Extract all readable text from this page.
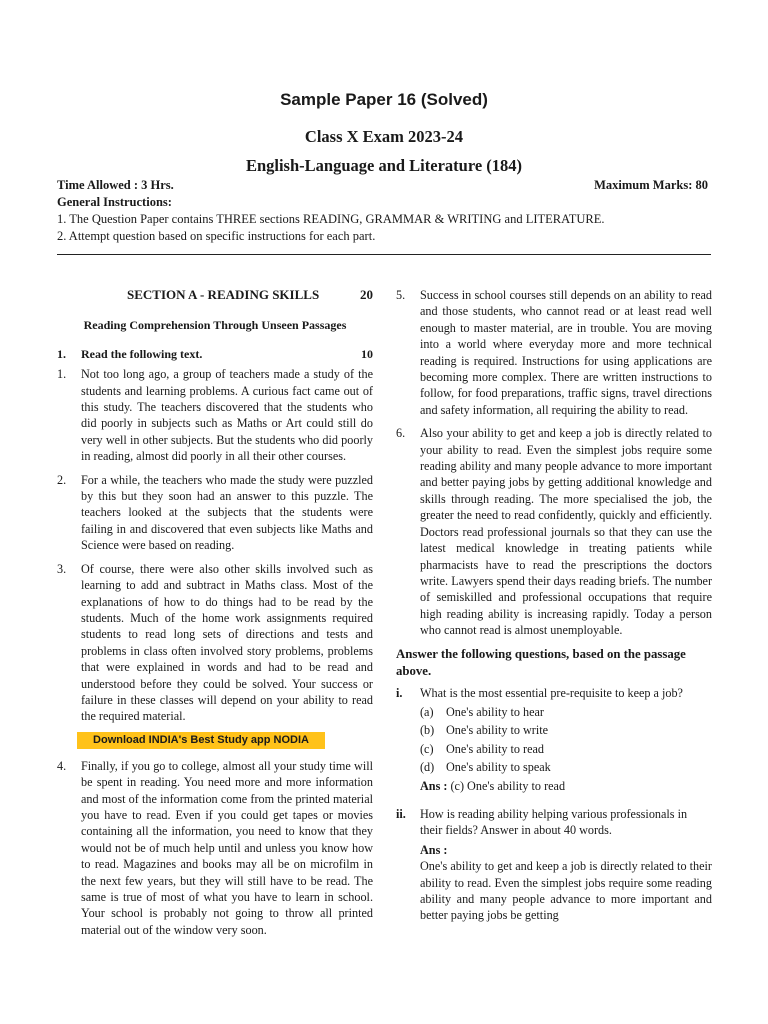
Sample Paper 16 (Solved)
Class X Exam 2023-24
English-Language and Literature (184)
Time Allowed : 3 Hrs.	Maximum Marks: 80
General Instructions:
1. The Question Paper contains THREE sections READING, GRAMMAR & WRITING and LITERATURE.
2. Attempt question based on specific instructions for each part.
SECTION A - READING SKILLS	20
Reading Comprehension Through Unseen Passages
1.	Read the following text.	10
1.	Not too long ago, a group of teachers made a study of the students and learning problems. A curious fact came out of this study. The teachers discovered that the students who did poorly in subjects such as Maths or Art could still do very well in other subjects. But the students who did poorly in reading, almost did poorly in all their other courses.
2.	For a while, the teachers who made the study were puzzled by this but they soon had an answer to this puzzle. The teachers looked at the subjects that the students were failing in and discovered that even subjects like Maths and Science were based on reading.
3.	Of course, there were also other skills involved such as learning to add and subtract in Maths class. Most of the explanations of how to do things had to be read by the students. Much of the home work assignments required students to read long sets of directions and tests and problems in class often involved story problems, problems that were explained in words and had to be read and understood before they could be solved. Your success or failure in these classes will depend on your ability to read the required material.
Download INDIA's Best Study app NODIA
4.	Finally, if you go to college, almost all your study time will be spent in reading. You need more and more information and most of the information come from the printed material you have to read. Even if you could get tapes or movies containing all the information, you need to know that they would not be of much help until and unless you know how to read. Magazines and books may all be on microfilm in the next few years, but they will still have to be read. The same is true of most of what you have to learn in school. Your school is probably not going to throw all printed material out of the window very soon.
5.	Success in school courses still depends on an ability to read and those students, who cannot read or at least read well enough to master material, are in trouble. You are moving into a world where everyday more and more technical reading is required. Instructions for using applications are becoming more complex. There are written instructions to follow, for food preparations, traffic signs, travel directions and safety information, all requiring the ability to read.
6.	Also your ability to get and keep a job is directly related to your ability to read. Even the simplest jobs require some reading ability and many people advance to more important and better paying jobs by getting additional knowledge and skills through reading. The more specialised the job, the greater the need to read confidently, quickly and efficiently. Doctors read professional journals so that they can use the latest medical knowledge in treating patients while pharmacists have to read the prescriptions the doctors write. Lawyers spend their days reading briefs. The number of semiskilled and professional occupations that require high reading ability is increasing rapidly. Today a person who cannot read is almost unemployable.
Answer the following questions, based on the passage above.
i.	What is the most essential pre-requisite to keep a job?
(a)	One's ability to hear
(b) One's ability to write
(c)	One's ability to read
(d) One's ability to speak
Ans : (c) One's ability to read
ii.	How is reading ability helping various professionals in their fields? Answer in about 40 words.
Ans :
One's ability to get and keep a job is directly related to their ability to read. Even the simplest jobs require some reading ability and many people advance to more important and better paying jobs be getting
